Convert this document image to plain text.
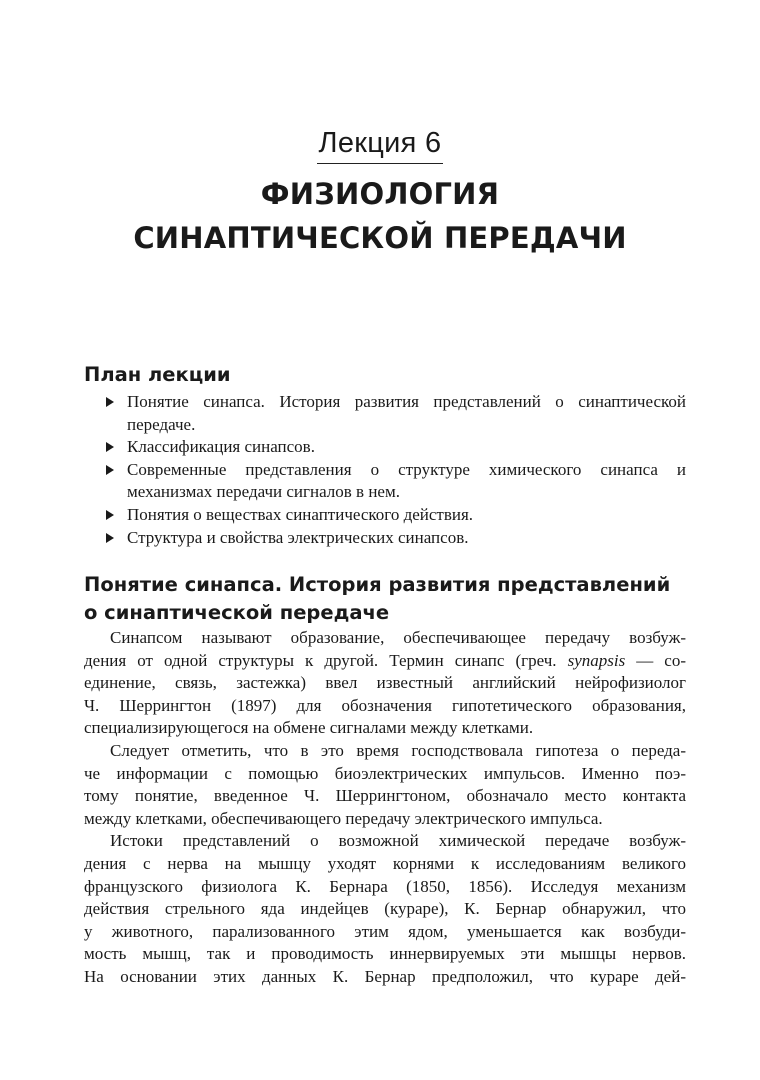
Лекция 6
ФИЗИОЛОГИЯ
СИНАПТИЧЕСКОЙ ПЕРЕДАЧИ
План лекции
Понятие синапса. История развития представлений о синаптической передаче.
Классификация синапсов.
Современные представления о структуре химического синапса и механизмах передачи сигналов в нем.
Понятия о веществах синаптического действия.
Структура и свойства электрических синапсов.
Понятие синапса. История развития представлений
о синаптической передаче
Синапсом называют образование, обеспечивающее передачу возбуж-
дения от одной структуры к другой. Термин синапс (греч. synapsis — со-
единение, связь, застежка) ввел известный английский нейрофизиолог
Ч. Шеррингтон (1897) для обозначения гипотетического образования,
специализирующегося на обмене сигналами между клетками.
Следует отметить, что в это время господствовала гипотеза о переда-
че информации с помощью биоэлектрических импульсов. Именно поэ-
тому понятие, введенное Ч. Шеррингтоном, обозначало место контакта
между клетками, обеспечивающего передачу электрического импульса.
Истоки представлений о возможной химической передаче возбуж-
дения с нерва на мышцу уходят корнями к исследованиям великого
французского физиолога К. Бернара (1850, 1856). Исследуя механизм
действия стрельного яда индейцев (кураре), К. Бернар обнаружил, что
у животного, парализованного этим ядом, уменьшается как возбуди-
мость мышц, так и проводимость иннервируемых эти мышцы нервов.
На основании этих данных К. Бернар предположил, что кураре дей-
